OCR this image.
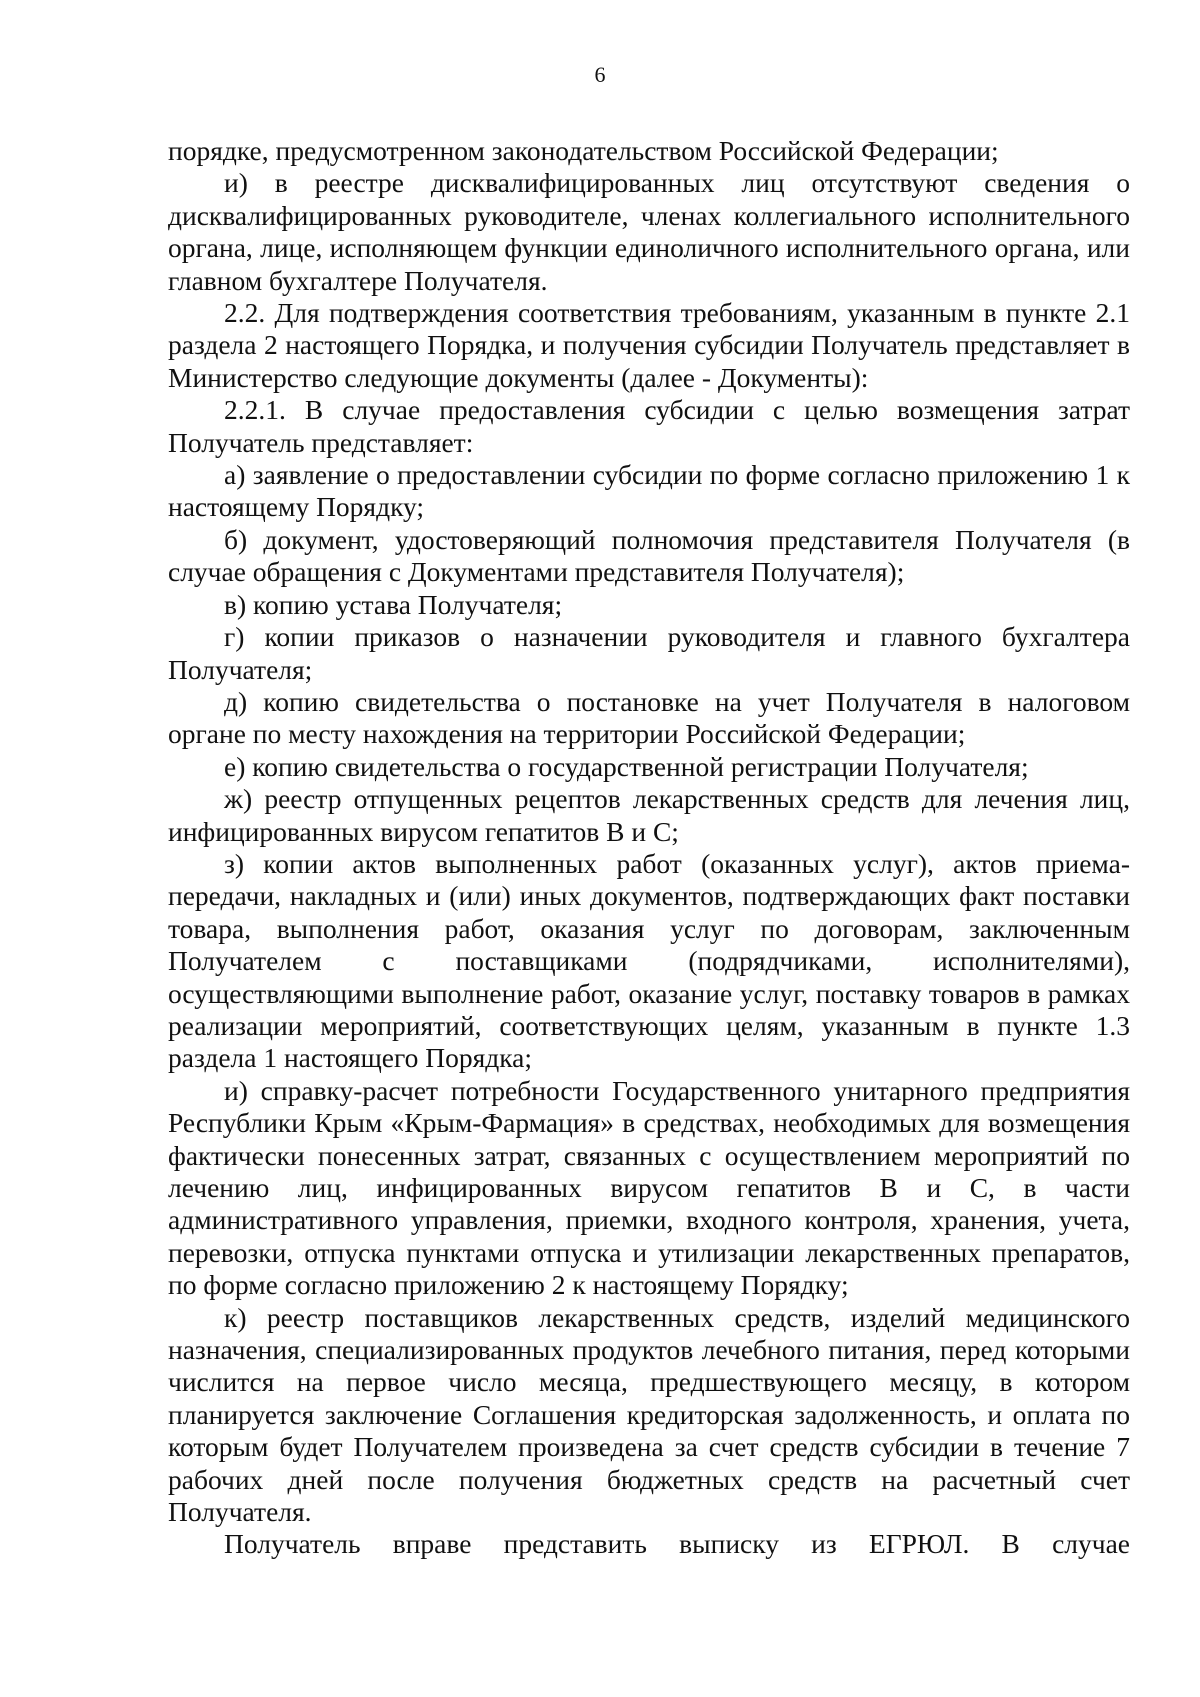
6

порядке, предусмотренном законодательством Российской Федерации;

и) в реестре дисквалифицированных лиц отсутствуют сведения о дисквалифицированных руководителе, членах коллегиального исполнительного органа, лице, исполняющем функции единоличного исполнительного органа, или главном бухгалтере Получателя.

2.2. Для подтверждения соответствия требованиям, указанным в пункте 2.1 раздела 2 настоящего Порядка, и получения субсидии Получатель представляет в Министерство следующие документы (далее - Документы):

2.2.1. В случае предоставления субсидии с целью возмещения затрат Получатель представляет:

а) заявление о предоставлении субсидии по форме согласно приложению 1 к настоящему Порядку;

б) документ, удостоверяющий полномочия представителя Получателя (в случае обращения с Документами представителя Получателя);

в) копию устава Получателя;

г) копии приказов о назначении руководителя и главного бухгалтера Получателя;

д) копию свидетельства о постановке на учет Получателя в налоговом органе по месту нахождения на территории Российской Федерации;

е) копию свидетельства о государственной регистрации Получателя;

ж) реестр отпущенных рецептов лекарственных средств для лечения лиц, инфицированных вирусом гепатитов В и С;

з) копии актов выполненных работ (оказанных услуг), актов приема-передачи, накладных и (или) иных документов, подтверждающих факт поставки товара, выполнения работ, оказания услуг по договорам, заключенным Получателем с поставщиками (подрядчиками, исполнителями), осуществляющими выполнение работ, оказание услуг, поставку товаров в рамках реализации мероприятий, соответствующих целям, указанным в пункте 1.3 раздела 1 настоящего Порядка;

и) справку-расчет потребности Государственного унитарного предприятия Республики Крым «Крым-Фармация» в средствах, необходимых для возмещения фактически понесенных затрат, связанных с осуществлением мероприятий по лечению лиц, инфицированных вирусом гепатитов В и С, в части административного управления, приемки, входного контроля, хранения, учета, перевозки, отпуска пунктами отпуска и утилизации лекарственных препаратов, по форме согласно приложению 2 к настоящему Порядку;

к) реестр поставщиков лекарственных средств, изделий медицинского назначения, специализированных продуктов лечебного питания, перед которыми числится на первое число месяца, предшествующего месяцу, в котором планируется заключение Соглашения кредиторская задолженность, и оплата по которым будет Получателем произведена за счет средств субсидии в течение 7 рабочих дней после получения бюджетных средств на расчетный счет Получателя.

Получатель вправе представить выписку из ЕГРЮЛ. В случае
